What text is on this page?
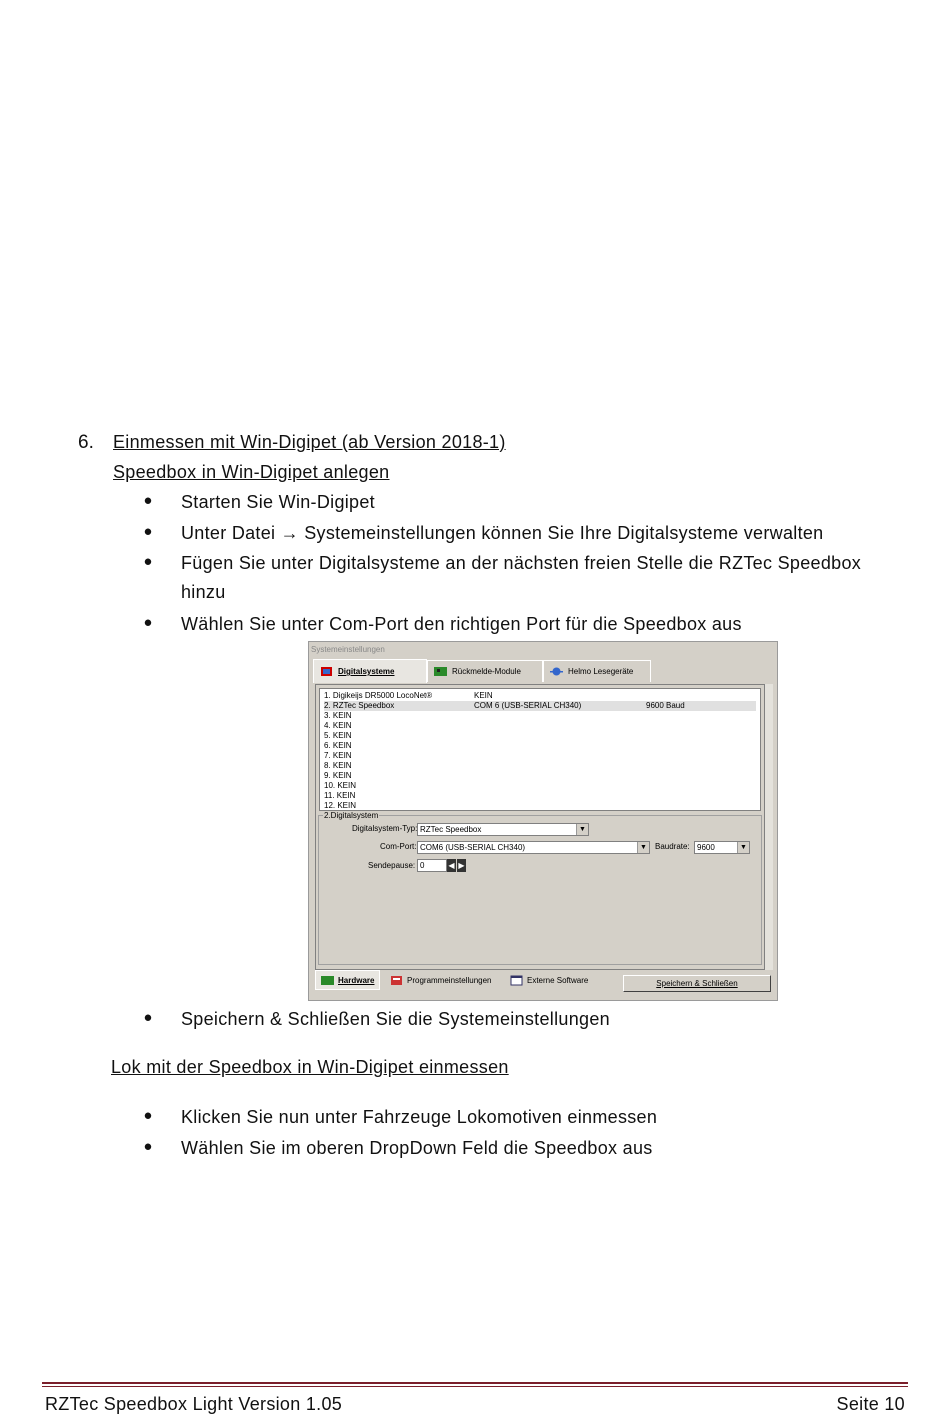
6. Einmessen mit Win-Digipet (ab Version 2018-1)
Speedbox in Win-Digipet anlegen
● Starten Sie Win-Digipet
● Unter Datei → Systemeinstellungen können Sie Ihre Digitalsysteme verwalten
● Fügen Sie unter Digitalsysteme an der nächsten freien Stelle die RZTec Speedbox
hinzu
● Wählen Sie unter Com-Port den richtigen Port für die Speedbox aus
Systemeinstellungen
Digitalsysteme	Rückmelde-Module	Helmo Lesegeräte
1. Digikeijs DR5000 LocoNet®	KEIN
2. RZTec Speedbox	COM 6 (USB-SERIAL CH340)	9600 Baud
3. KEIN
4. KEIN
5. KEIN
6. KEIN
7. KEIN
8. KEIN
9. KEIN
10. KEIN
11. KEIN
12. KEIN
2.Digitalsystem
Digitalsystem-Typ: RZTec Speedbox	▼
Com-Port: COM6 (USB-SERIAL CH340)	▼ Baudrate: 9600	▼
Sendepause: 0	◀ ▶
Hardware	Programmeinstellungen	Externe Software	Speichern & Schließen
● Speichern & Schließen Sie die Systemeinstellungen
Lok mit der Speedbox in Win-Digipet einmessen
● Klicken Sie nun unter Fahrzeuge Lokomotiven einmessen
● Wählen Sie im oberen DropDown Feld die Speedbox aus
RZTec Speedbox Light Version 1.05	Seite 10
